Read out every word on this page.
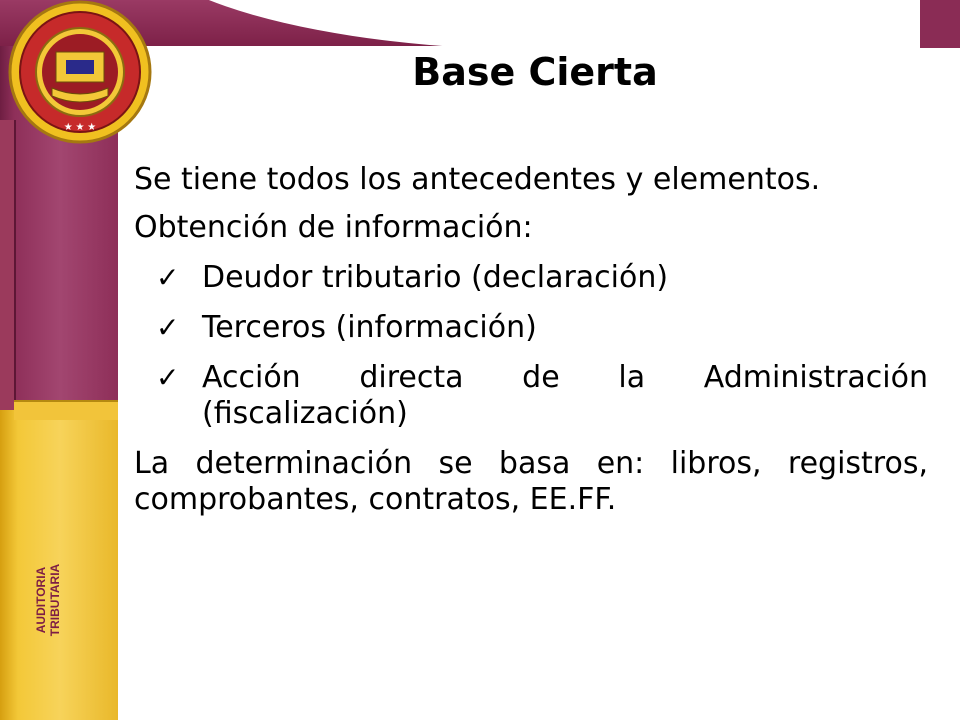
★ ★ ★
AUDITORIA TRIBUTARIA
Base Cierta

Se tiene todos los antecedentes y elementos.

Obtención de información:

✓ Deudor tributario (declaración)
✓ Terceros (información)
✓ Acción directa de la Administración (fiscalización)

La determinación se basa en: libros, registros, comprobantes, contratos, EE.FF.
